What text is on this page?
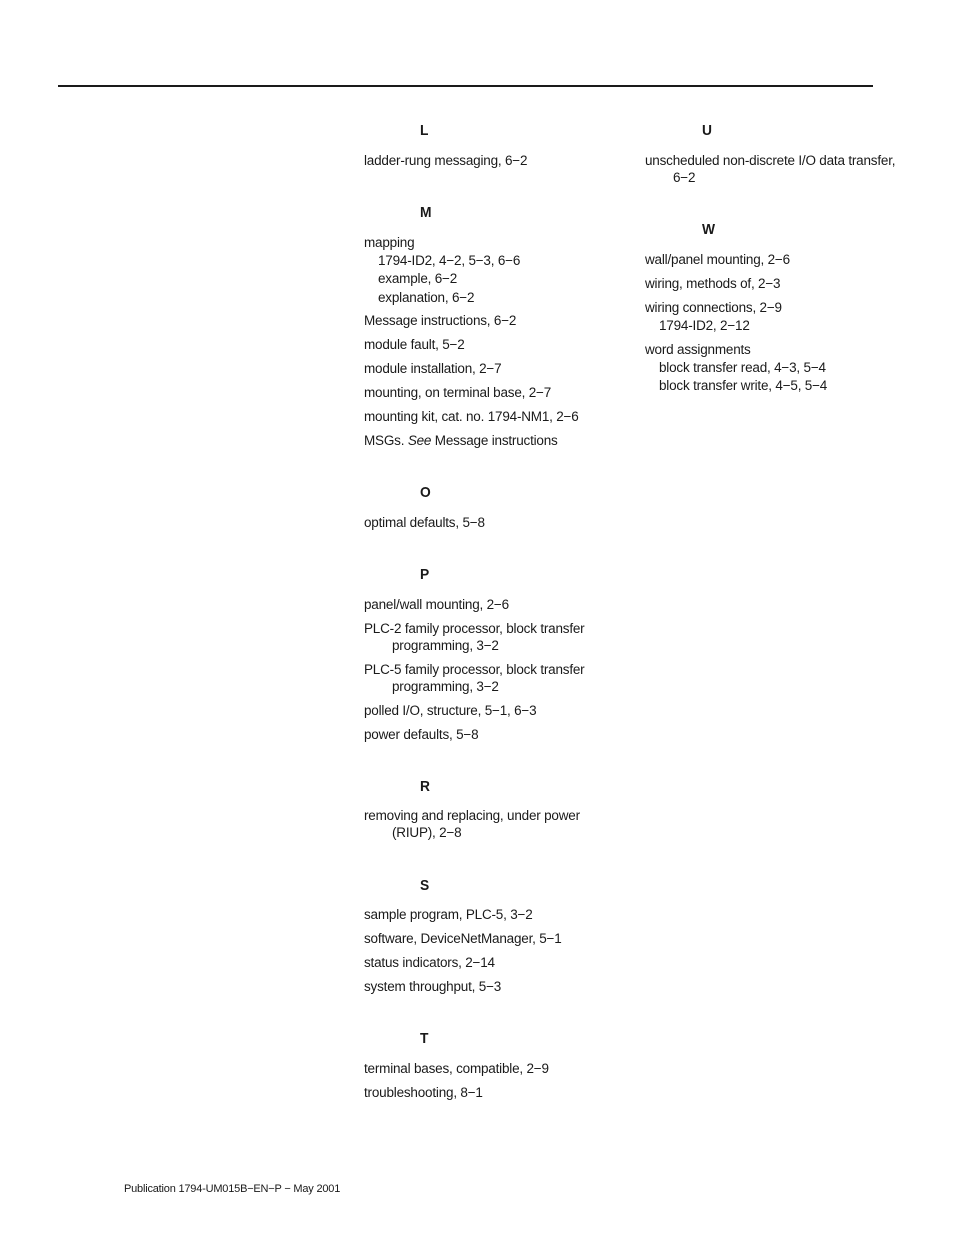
L
ladder-rung messaging, 6−2
M
mapping
1794-ID2, 4−2, 5−3, 6−6
example, 6−2
explanation, 6−2
Message instructions, 6−2
module fault, 5−2
module installation, 2−7
mounting, on terminal base, 2−7
mounting kit, cat. no. 1794-NM1, 2−6
MSGs. See Message instructions
O
optimal defaults, 5−8
P
panel/wall mounting, 2−6
PLC-2 family processor, block transfer
programming, 3−2
PLC-5 family processor, block transfer
programming, 3−2
polled I/O, structure, 5−1, 6−3
power defaults, 5−8
R
removing and replacing, under power
(RIUP), 2−8
S
sample program, PLC-5, 3−2
software, DeviceNetManager, 5−1
status indicators, 2−14
system throughput, 5−3
T
terminal bases, compatible, 2−9
troubleshooting, 8−1
U
unscheduled non-discrete I/O data transfer,
6−2
W
wall/panel mounting, 2−6
wiring, methods of, 2−3
wiring connections, 2−9
1794-ID2, 2−12
word assignments
block transfer read, 4−3, 5−4
block transfer write, 4−5, 5−4
Publication 1794-UM015B−EN−P − May 2001
